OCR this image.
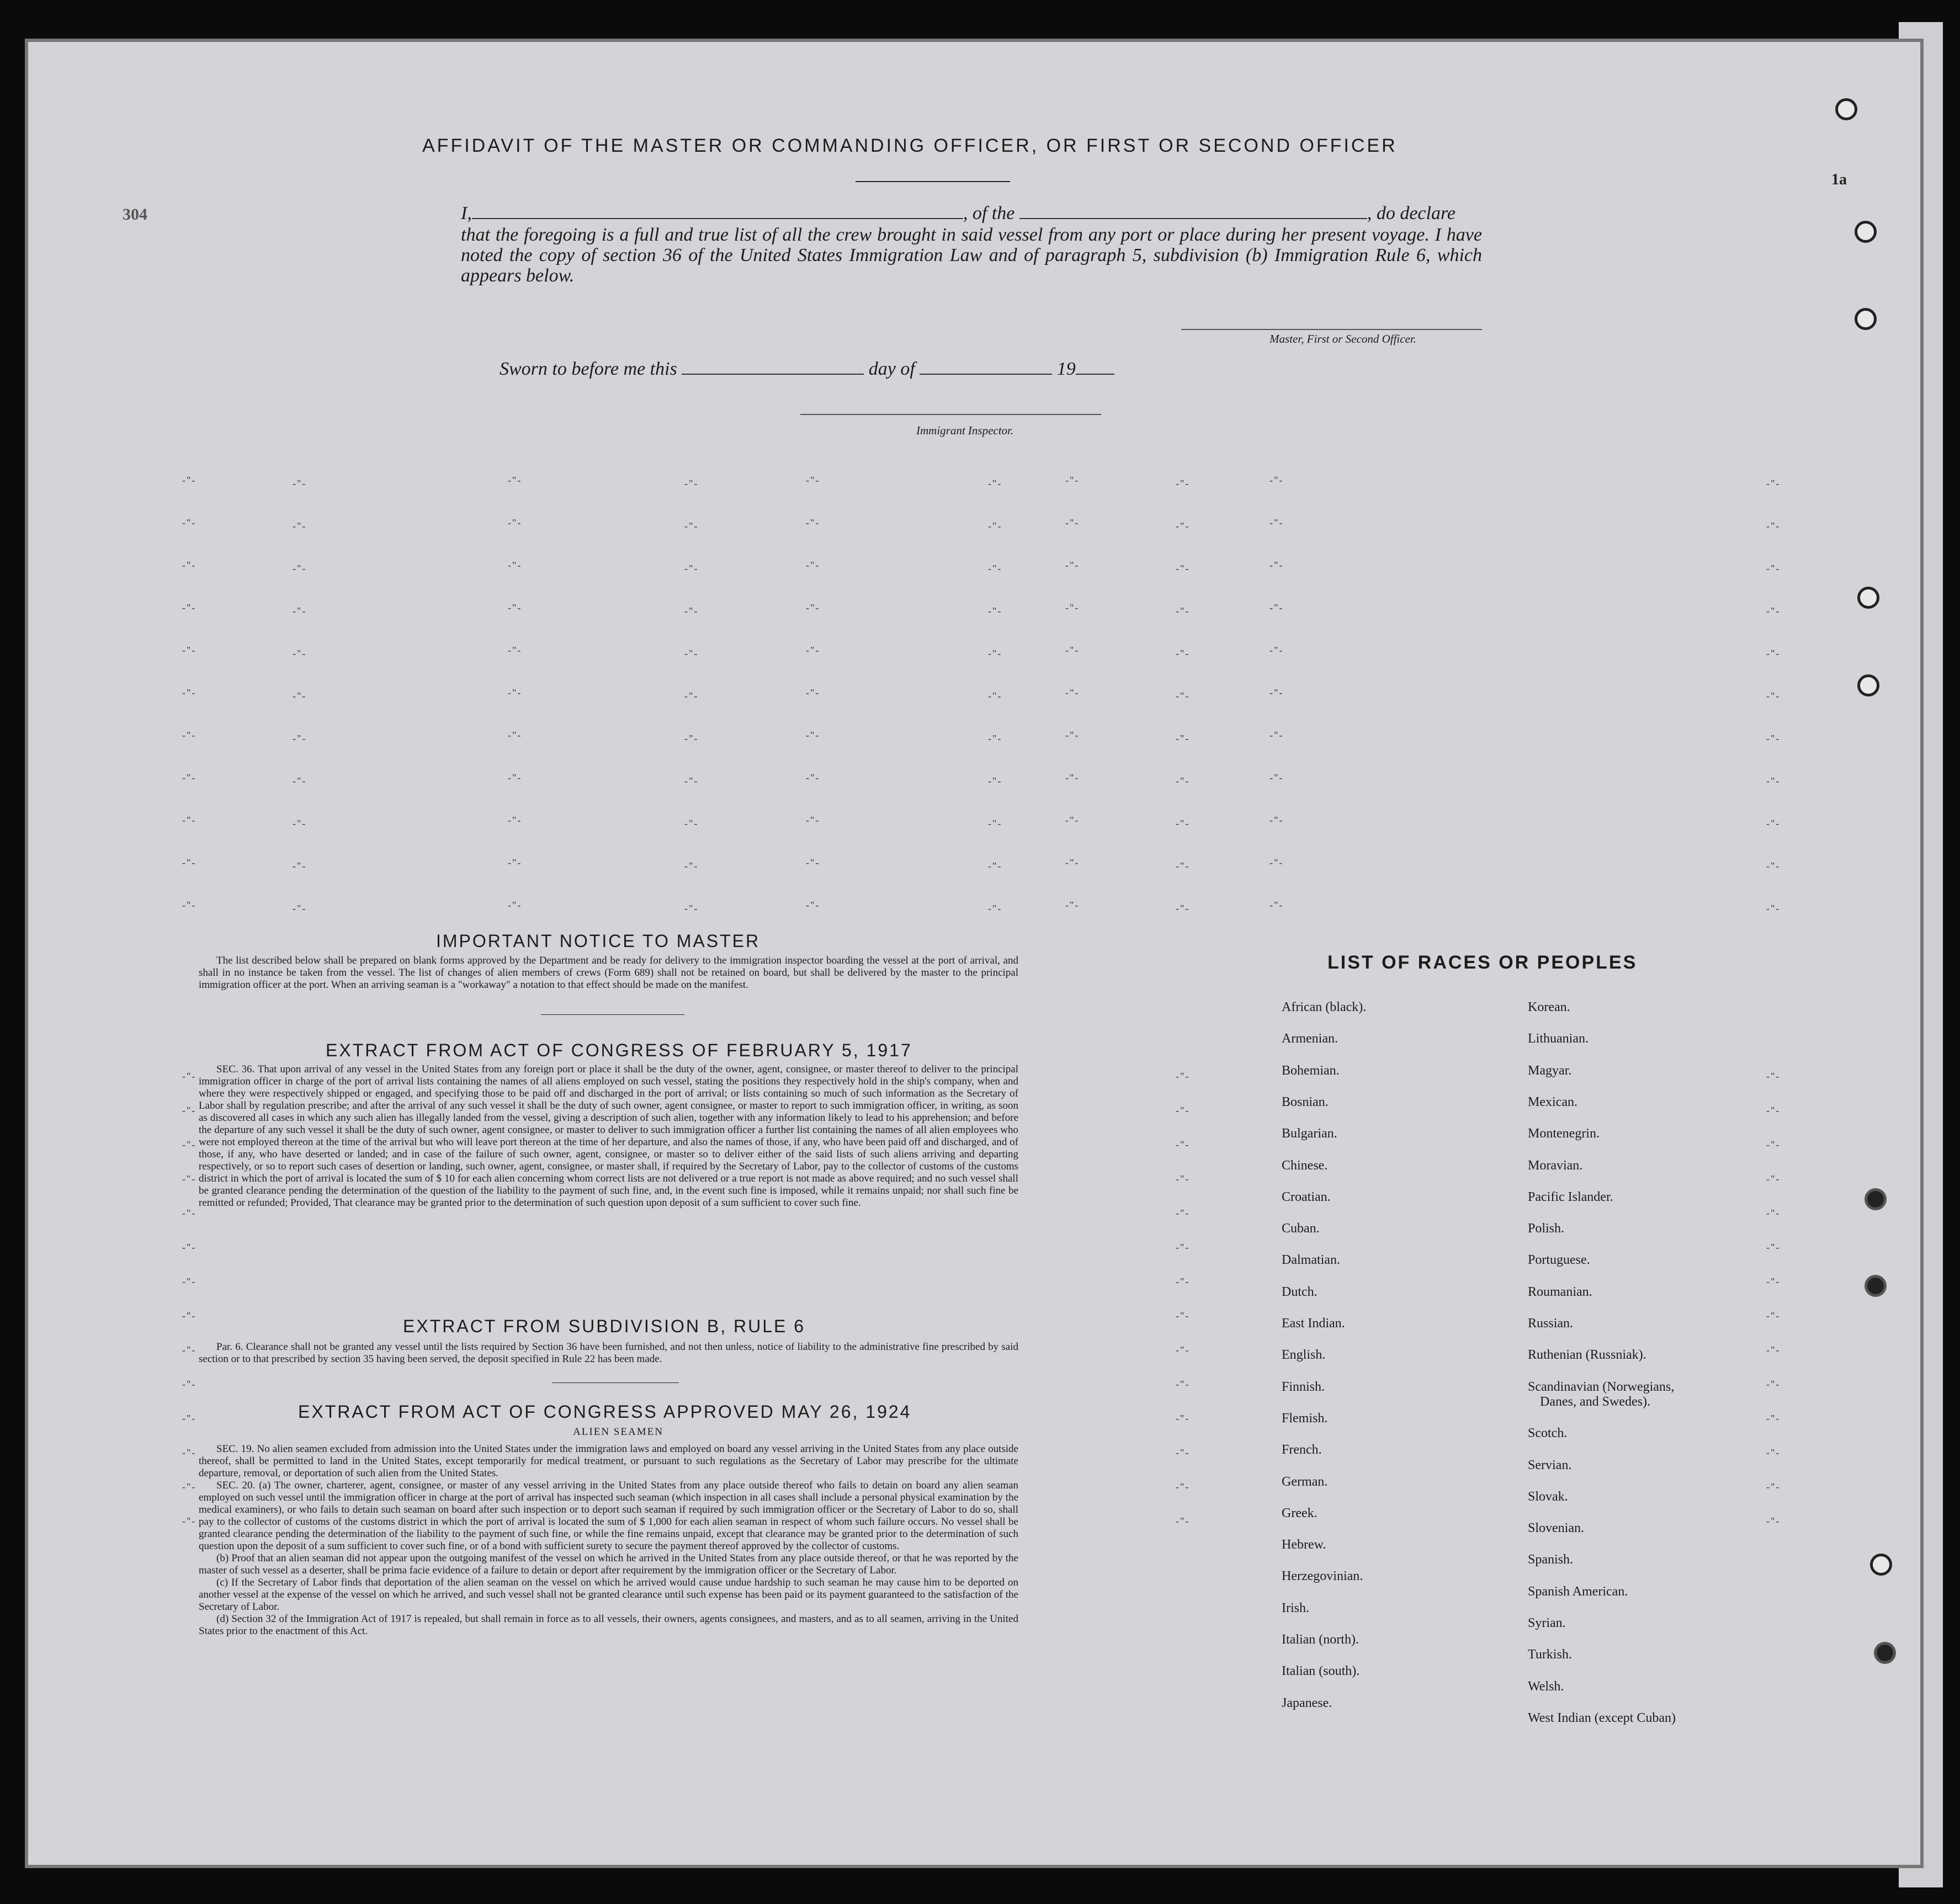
304
1a
AFFIDAVIT OF THE MASTER OR COMMANDING OFFICER, OR FIRST OR SECOND OFFICER
I,	, of the	, do declare
that the foregoing is a full and true list of all the crew brought in said vessel from any port or place during her present voyage. I have noted the copy of section 36 of the United States Immigration Law and of paragraph 5, subdivision (b) Immigration Rule 6, which appears below.
Master, First or Second Officer.
Sworn to before me this	day of	19
Immigrant Inspector.
-"-	-"-	-"-	-"-	-"-	-"-	-"-	-"-	-"-	-"-
-"-	-"-	-"-	-"-	-"-	-"-	-"-	-"-	-"-	-"-
-"-	-"-	-"-	-"-	-"-	-"-	-"-	-"-	-"-	-"-
-"-	-"-	-"-	-"-	-"-	-"-	-"-	-"-	-"-	-"-
-"-	-"-	-"-	-"-	-"-	-"-	-"-	-"-	-"-	-"-
-"-	-"-	-"-	-"-	-"-	-"-	-"-	-"-	-"-	-"-
-"-	-"-	-"-	-"-	-"-	-"-	-"-	-"-	-"-	-"-
-"-	-"-	-"-	-"-	-"-	-"-	-"-	-"-	-"-	-"-
-"-	-"-	-"-	-"-	-"-	-"-	-"-	-"-	-"-	-"-
-"-	-"-	-"-	-"-	-"-	-"-	-"-	-"-	-"-	-"-
-"-	-"-	-"-	-"-	-"-	-"-	-"-	-"-	-"-	-"-
-"-	-"-	-"-
-"-	-"-	-"-
-"-	-"-	-"-
-"-	-"-	-"-
-"-	-"-	-"-
-"-	-"-	-"-
-"-	-"-	-"-
-"-	-"-	-"-
-"-	-"-	-"-
-"-	-"-	-"-
-"-	-"-	-"-
-"-	-"-	-"-
-"-	-"-	-"-
-"-	-"-	-"-
IMPORTANT NOTICE TO MASTER

The list described below shall be prepared on blank forms approved by the Department and be ready for delivery to the immigration inspector boarding the vessel at the port of arrival, and shall in no instance be taken from the vessel. The list of changes of alien members of crews (Form 689) shall not be retained on board, but shall be delivered by the master to the principal immigration officer at the port. When an arriving seaman is a "workaway" a notation to that effect should be made on the manifest.

EXTRACT FROM ACT OF CONGRESS OF FEBRUARY 5, 1917

SEC. 36. That upon arrival of any vessel in the United States from any foreign port or place it shall be the duty of the owner, agent, consignee, or master thereof to deliver to the principal immigration officer in charge of the port of arrival lists containing the names of all aliens employed on such vessel, stating the positions they respectively hold in the ship's company, when and where they were respectively shipped or engaged, and specifying those to be paid off and discharged in the port of arrival; or lists containing so much of such information as the Secretary of Labor shall by regulation prescribe; and after the arrival of any such vessel it shall be the duty of such owner, agent consignee, or master to report to such immigration officer, in writing, as soon as discovered all cases in which any such alien has illegally landed from the vessel, giving a description of such alien, together with any information likely to lead to his apprehension; and before the departure of any such vessel it shall be the duty of such owner, agent consignee, or master to deliver to such immigration officer a further list containing the names of all alien employees who were not employed thereon at the time of the arrival but who will leave port thereon at the time of her departure, and also the names of those, if any, who have been paid off and discharged, and of those, if any, who have deserted or landed; and in case of the failure of such owner, agent, consignee, or master so to deliver either of the said lists of such aliens arriving and departing respectively, or so to report such cases of desertion or landing, such owner, agent, consignee, or master shall, if required by the Secretary of Labor, pay to the collector of customs of the customs district in which the port of arrival is located the sum of $ 10 for each alien concerning whom correct lists are not delivered or a true report is not made as above required; and no such vessel shall be granted clearance pending the determination of the question of the liability to the payment of such fine, and, in the event such fine is imposed, while it remains unpaid; nor shall such fine be remitted or refunded; Provided, That clearance may be granted prior to the determination of such question upon deposit of a sum sufficient to cover such fine.

EXTRACT FROM SUBDIVISION B, RULE 6

Par. 6. Clearance shall not be granted any vessel until the lists required by Section 36 have been furnished, and not then unless, notice of liability to the administrative fine prescribed by said section or to that prescribed by section 35 having been served, the deposit specified in Rule 22 has been made.

EXTRACT FROM ACT OF CONGRESS APPROVED MAY 26, 1924
ALIEN SEAMEN

SEC. 19. No alien seamen excluded from admission into the United States under the immigration laws and employed on board any vessel arriving in the United States from any place outside thereof, shall be permitted to land in the United States, except temporarily for medical treatment, or pursuant to such regulations as the Secretary of Labor may prescribe for the ultimate departure, removal, or deportation of such alien from the United States.

SEC. 20. (a) The owner, charterer, agent, consignee, or master of any vessel arriving in the United States from any place outside thereof who fails to detain on board any alien seaman employed on such vessel until the immigration officer in charge at the port of arrival has inspected such seaman (which inspection in all cases shall include a personal physical examination by the medical examiners), or who fails to detain such seaman on board after such inspection or to deport such seaman if required by such immigration officer or the Secretary of Labor to do so, shall pay to the collector of customs of the customs district in which the port of arrival is located the sum of $ 1,000 for each alien seaman in respect of whom such failure occurs. No vessel shall be granted clearance pending the determination of the liability to the payment of such fine, or while the fine remains unpaid, except that clearance may be granted prior to the determination of such question upon the deposit of a sum sufficient to cover such fine, or of a bond with sufficient surety to secure the payment thereof approved by the collector of customs.

(b) Proof that an alien seaman did not appear upon the outgoing manifest of the vessel on which he arrived in the United States from any place outside thereof, or that he was reported by the master of such vessel as a deserter, shall be prima facie evidence of a failure to detain or deport after requirement by the immigration officer or the Secretary of Labor.

(c) If the Secretary of Labor finds that deportation of the alien seaman on the vessel on which he arrived would cause undue hardship to such seaman he may cause him to be deported on another vessel at the expense of the vessel on which he arrived, and such vessel shall not be granted clearance until such expense has been paid or its payment guaranteed to the satisfaction of the Secretary of Labor.

(d) Section 32 of the Immigration Act of 1917 is repealed, but shall remain in force as to all vessels, their owners, agents consignees, and masters, and as to all seamen, arriving in the United States prior to the enactment of this Act.

LIST OF RACES OR PEOPLES
African (black).
Armenian.
Bohemian.
Bosnian.
Bulgarian.
Chinese.
Croatian.
Cuban.
Dalmatian.
Dutch.
East Indian.
English.
Finnish.
Flemish.
French.
German.
Greek.
Hebrew.
Herzegovinian.
Irish.
Italian (north).
Italian (south).
Japanese.
Korean.
Lithuanian.
Magyar.
Mexican.
Montenegrin.
Moravian.
Pacific Islander.
Polish.
Portuguese.
Roumanian.
Russian.
Ruthenian (Russniak).
Scandinavian (Norwegians,
Danes, and Swedes).
Scotch.
Servian.
Slovak.
Slovenian.
Spanish.
Spanish American.
Syrian.
Turkish.
Welsh.
West Indian (except Cuban)
